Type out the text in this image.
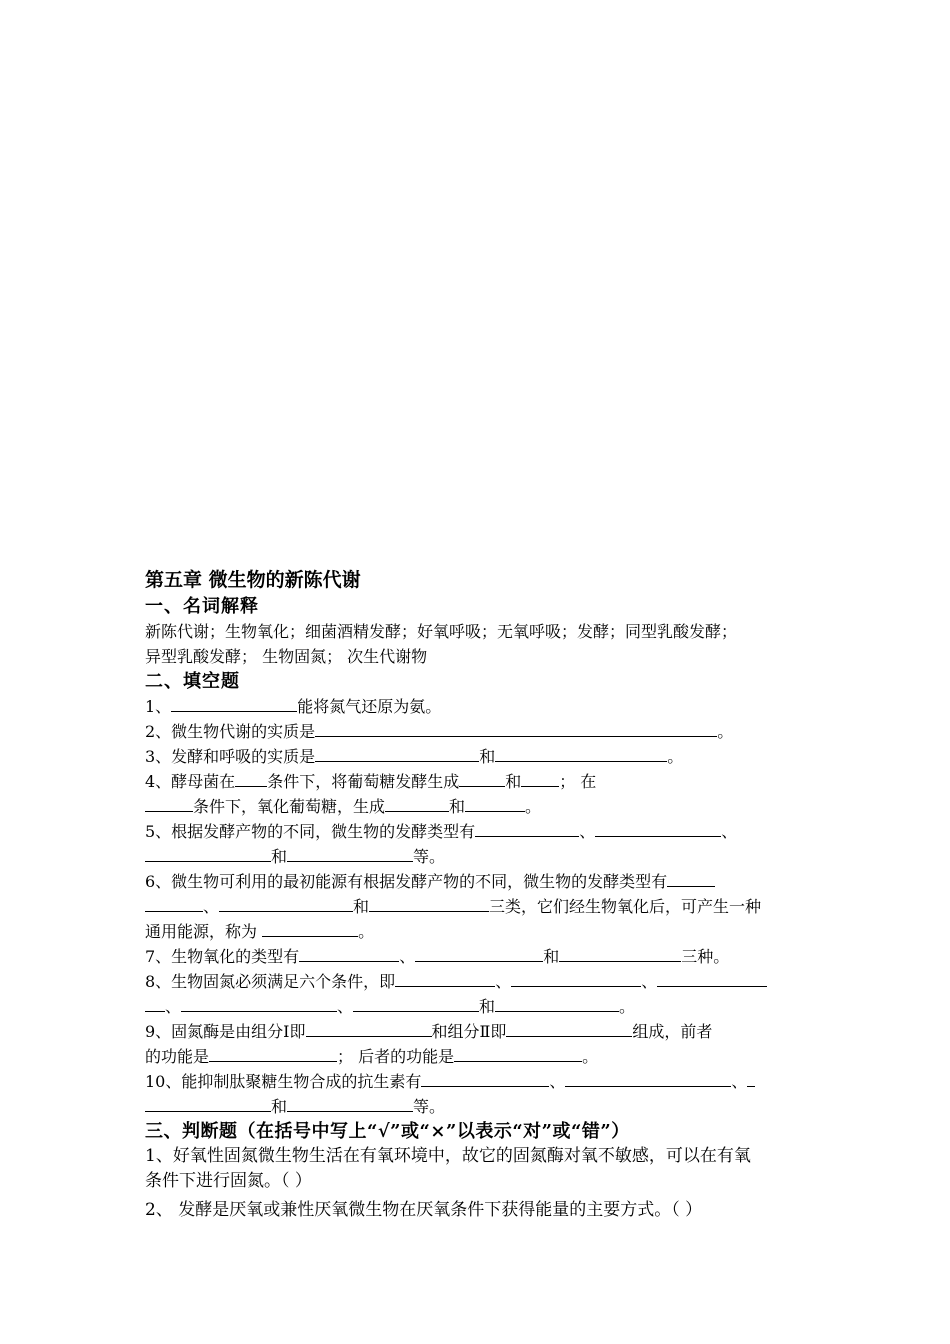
第五章 微生物的新陈代谢

一、名词解释

新陈代谢；生物氧化；细菌酒精发酵；好氧呼吸；无氧呼吸；发酵；同型乳酸发酵；

异型乳酸发酵； 生物固氮； 次生代谢物

二、填空题

1、	能将氮气还原为氨。

2、微生物代谢的实质是	。

3、发酵和呼吸的实质是	和	。

4、酵母菌在 条件下，将葡萄糖发酵生成	和 ； 在
条件下，氧化葡萄糖，生成	和	。

5、根据发酵产物的不同，微生物的发酵类型有	、	、
和	等。

6、微生物可利用的最初能源有根据发酵产物的不同，微生物的发酵类型有
、	和	三类，它们经生物氧化后，可产生一种
通用能源，称为	。

7、生物氧化的类型有	、	和	三种。

8、生物固氮必须满足六个条件，即	、	、
、	、	和	。

9、固氮酶是由组分Ⅰ即	和组分Ⅱ即	组成，前者
的功能是	； 后者的功能是	。

10、能抑制肽聚糖生物合成的抗生素有	、	、
和	等。

三、判断题（在括号中写上“√”或“×”以表示“对”或“错”）

1、好氧性固氮微生物生活在有氧环境中，故它的固氮酶对氧不敏感，可以在有氧

条件下进行固氮。（ ）

2、 发酵是厌氧或兼性厌氧微生物在厌氧条件下获得能量的主要方式。（ ）
